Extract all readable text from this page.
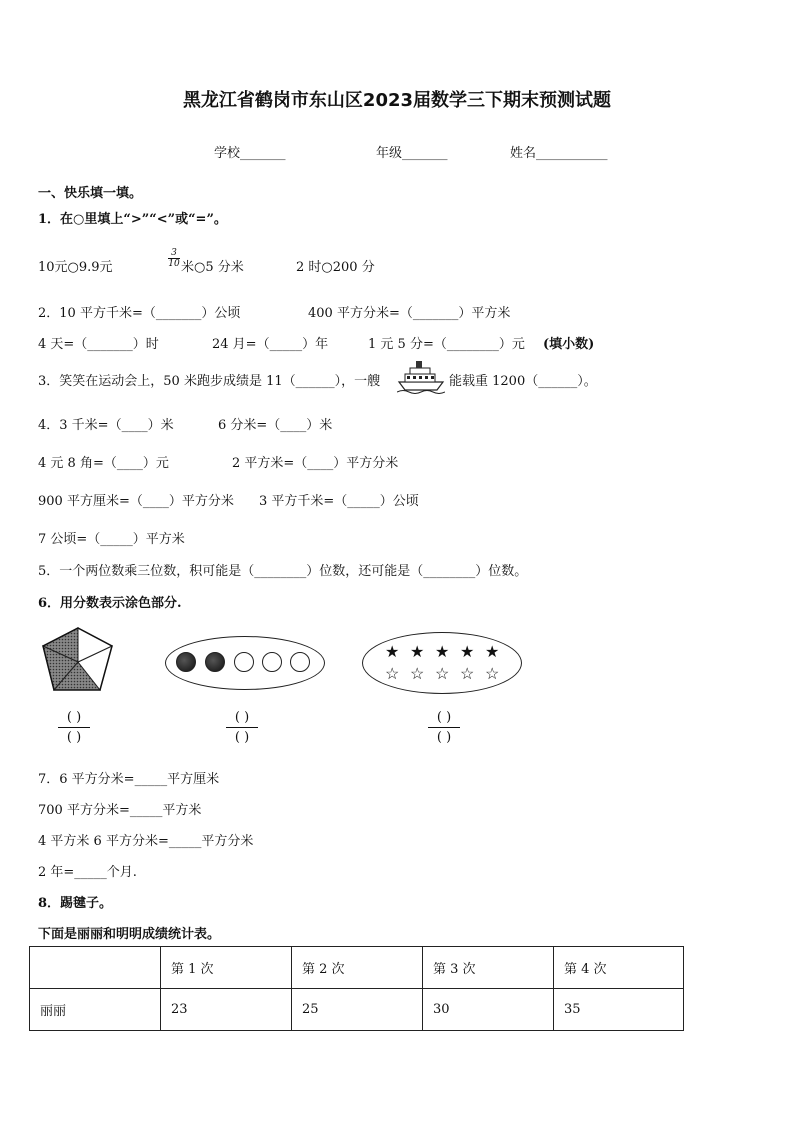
黑龙江省鹤岗市东山区2023届数学三下期末预测试题
学校_______	年级_______	姓名___________
一、快乐填一填。
1．在○里填上“>”“<”或“=”。
10元○9.9元
3
10 米○5 分米	2 时○200 分
2．10 平方千米=（_______）公顷	400 平方分米=（_______）平方米
4 天=（_______）时	24 月=（_____）年	1 元 5 分=（________）元 (填小数)
3．笑笑在运动会上，50 米跑步成绩是 11（______），一艘	能载重 1200（______）。
4．3 千米=（____）米	6 分米=（____）米
4 元 8 角=（____）元	2 平方米=（____）平方分米
900 平方厘米=（____）平方分米 3 平方千米=（_____）公顷
7 公顷=（_____）平方米
5．一个两位数乘三位数，积可能是（________）位数，还可能是（________）位数。
6．用分数表示涂色部分.
★ ★ ★ ★ ★
☆ ☆ ☆ ☆ ☆
( )
( )
( )
( )
( )
( )
7．6 平方分米=_____平方厘米
700 平方分米=_____平方米
4 平方米 6 平方分米=_____平方分米
2 年=_____个月.
8．踢毽子。
下面是丽丽和明明成绩统计表。
	第 1 次	第 2 次	第 3 次	第 4 次
丽丽	23	25	30	35
